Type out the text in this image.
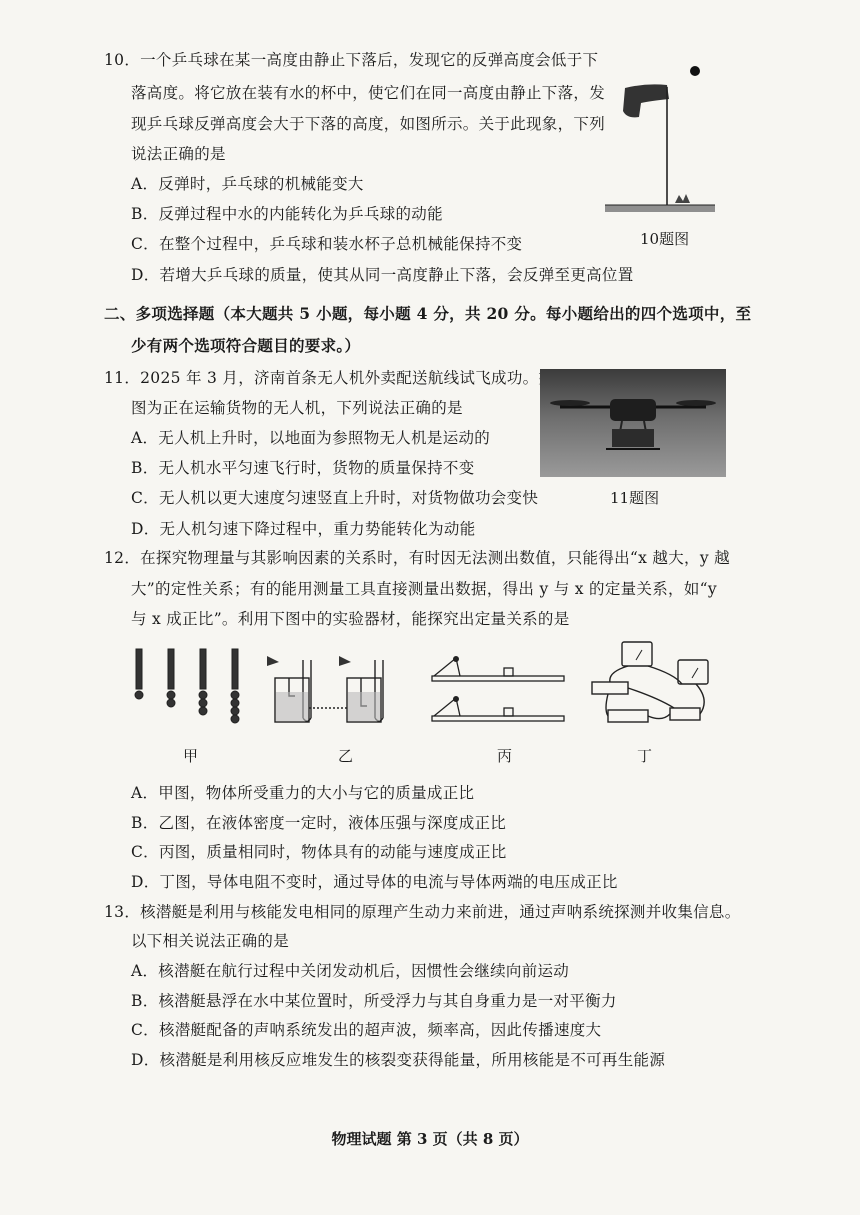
10．一个乒乓球在某一高度由静止下落后，发现它的反弹高度会低于下
落高度。将它放在装有水的杯中，使它们在同一高度由静止下落，发
现乒乓球反弹高度会大于下落的高度，如图所示。关于此现象，下列
说法正确的是
A．反弹时，乒乓球的机械能变大
B．反弹过程中水的内能转化为乒乓球的动能
C．在整个过程中，乒乓球和装水杯子总机械能保持不变
D．若增大乒乓球的质量，使其从同一高度静止下落，会反弹至更高位置
10题图
二、多项选择题（本大题共 5 小题，每小题 4 分，共 20 分。每小题给出的四个选项中，至
少有两个选项符合题目的要求。）
11．2025 年 3 月，济南首条无人机外卖配送航线试飞成功。如
图为正在运输货物的无人机，下列说法正确的是
A．无人机上升时，以地面为参照物无人机是运动的
B．无人机水平匀速飞行时，货物的质量保持不变
C．无人机以更大速度匀速竖直上升时，对货物做功会变快
D．无人机匀速下降过程中，重力势能转化为动能
11题图
12．在探究物理量与其影响因素的关系时，有时因无法测出数值，只能得出“x 越大，y 越
大”的定性关系；有的能用测量工具直接测量出数据，得出 y 与 x 的定量关系，如“y
与 x 成正比”。利用下图中的实验器材，能探究出定量关系的是
甲	乙	丙	丁
A．甲图，物体所受重力的大小与它的质量成正比
B．乙图，在液体密度一定时，液体压强与深度成正比
C．丙图，质量相同时，物体具有的动能与速度成正比
D．丁图，导体电阻不变时，通过导体的电流与导体两端的电压成正比
13．核潜艇是利用与核能发电相同的原理产生动力来前进，通过声呐系统探测并收集信息。
以下相关说法正确的是
A．核潜艇在航行过程中关闭发动机后，因惯性会继续向前运动
B．核潜艇悬浮在水中某位置时，所受浮力与其自身重力是一对平衡力
C．核潜艇配备的声呐系统发出的超声波，频率高，因此传播速度大
D．核潜艇是利用核反应堆发生的核裂变获得能量，所用核能是不可再生能源
物理试题 第 3 页（共 8 页）
